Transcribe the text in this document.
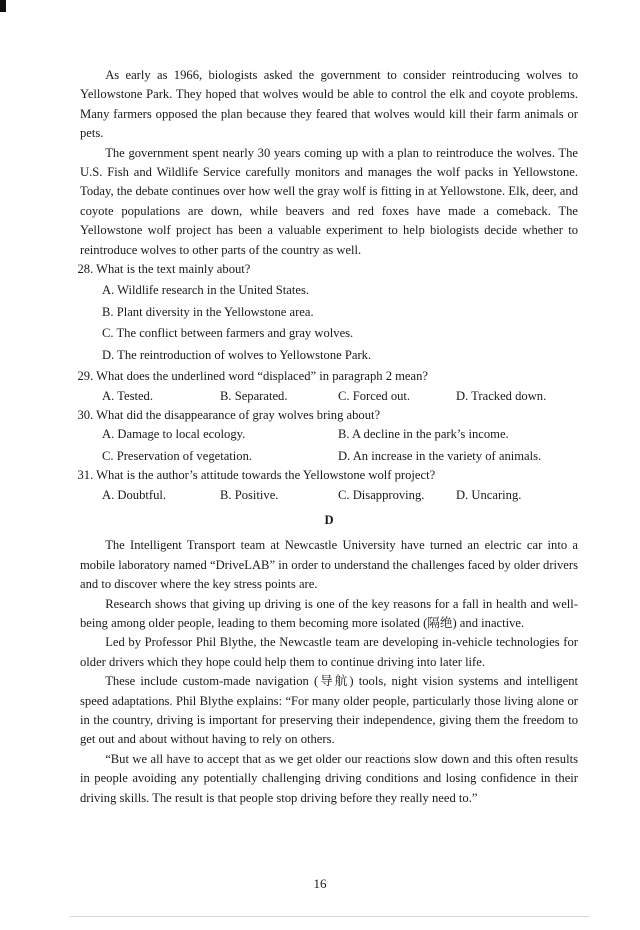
As early as 1966, biologists asked the government to consider reintroducing wolves to Yellowstone Park. They hoped that wolves would be able to control the elk and coyote problems. Many farmers opposed the plan because they feared that wolves would kill their farm animals or pets.

The government spent nearly 30 years coming up with a plan to reintroduce the wolves. The U.S. Fish and Wildlife Service carefully monitors and manages the wolf packs in Yellowstone. Today, the debate continues over how well the gray wolf is fitting in at Yellowstone. Elk, deer, and coyote populations are down, while beavers and red foxes have made a comeback. The Yellowstone wolf project has been a valuable experiment to help biologists decide whether to reintroduce wolves to other parts of the country as well.

28. What is the text mainly about?

A. Wildlife research in the United States.
B. Plant diversity in the Yellowstone area.
C. The conflict between farmers and gray wolves.
D. The reintroduction of wolves to Yellowstone Park.

29. What does the underlined word “displaced” in paragraph 2 mean?

A. Tested.	B. Separated.	C. Forced out.	D. Tracked down.

30. What did the disappearance of gray wolves bring about?

A. Damage to local ecology.	B. A decline in the park’s income.
C. Preservation of vegetation.	D. An increase in the variety of animals.

31. What is the author’s attitude towards the Yellowstone wolf project?

A. Doubtful.	B. Positive.	C. Disapproving.	D. Uncaring.
D

The Intelligent Transport team at Newcastle University have turned an electric car into a mobile laboratory named “DriveLAB” in order to understand the challenges faced by older drivers and to discover where the key stress points are.

Research shows that giving up driving is one of the key reasons for a fall in health and well-being among older people, leading to them becoming more isolated (隔绝) and inactive.

Led by Professor Phil Blythe, the Newcastle team are developing in-vehicle technologies for older drivers which they hope could help them to continue driving into later life.

These include custom-made navigation (导航) tools, night vision systems and intelligent speed adaptations. Phil Blythe explains: “For many older people, particularly those living alone or in the country, driving is important for preserving their independence, giving them the freedom to get out and about without having to rely on others.

“But we all have to accept that as we get older our reactions slow down and this often results in people avoiding any potentially challenging driving conditions and losing confidence in their driving skills. The result is that people stop driving before they really need to.”

16
